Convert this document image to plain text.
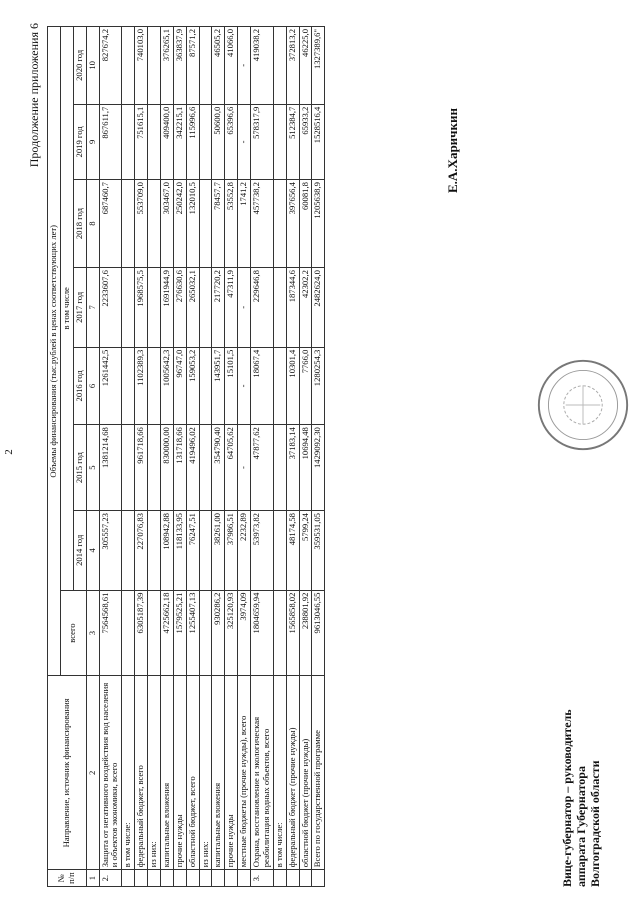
2
Продолжение приложения 6
№ п/п	Направление, источник финансирования	Объемы финансирования (тыс.рублей в ценах соответствующих лет)							
		всего	в том числе						
			2014 год	2015 год	2016 год	2017 год	2018 год	2019 год	2020 год
1	2	3	4	5	6	7	8	9	10
2.	Защита от негативного воздействия вод населения и объектов экономики, всего	7564568,61	305557,23	1381214,68	1261442,5	2233607,6	687460,7	867611,7	827674,2
	в том числе:								
	федеральный бюджет, всего	6305187,39	227076,83	961718,66	1102389,3	1968575,5	553709,0	751615,1	740103,0
	из них:								
	капитальные вложения	4725662,18	108942,88	830000,00	1005642,3	1691944,9	303467,0	409400,0	376265,1
	прочие нужды	1579525,21	118133,95	131718,66	96747,0	276630,6	250242,0	342215,1	363837,9
	областной бюджет, всего	1255407,13	76247,51	419496,02	159053,2	265032,1	132010,5	115996,6	87571,2
	из них:								
	капитальные вложения	930286,2	38261,00	354790,40	143951,7	217720,2	78457,7	50600,0	46505,2
	прочие нужды	325120,93	37986,51	64705,62	15101,5	47311,9	53552,8	65396,6	41066,0
	местные бюджеты (прочие нужды), всего	3974,09	2232,89	-	-	-	1741,2	-	-
3.	Охрана, восстановление и экологическая реабилитация водных объектов, всего	1804659,94	53973,82	47877,62	18067,4	229646,8	457738,2	578317,9	419038,2
	в том числе:								
	федеральный бюджет (прочие нужды)	1565858,02	48174,58	37183,14	10301,4	187344,6	397656,4	512384,7	372813,2
	областной бюджет (прочие нужды)	238801,92	5799,24	10694,48	7766,0	42302,2	60081,8	65933,2	46225,0
	Всего по государственной программе	9613046,55	359531,05	1429092,30	1280254,3	2482624,0	1205638,9	1528516,4	1327389,6"
Вице-губернатор – руководитель аппарата Губернатора Волгоградской области
Е.А.Харичкин
